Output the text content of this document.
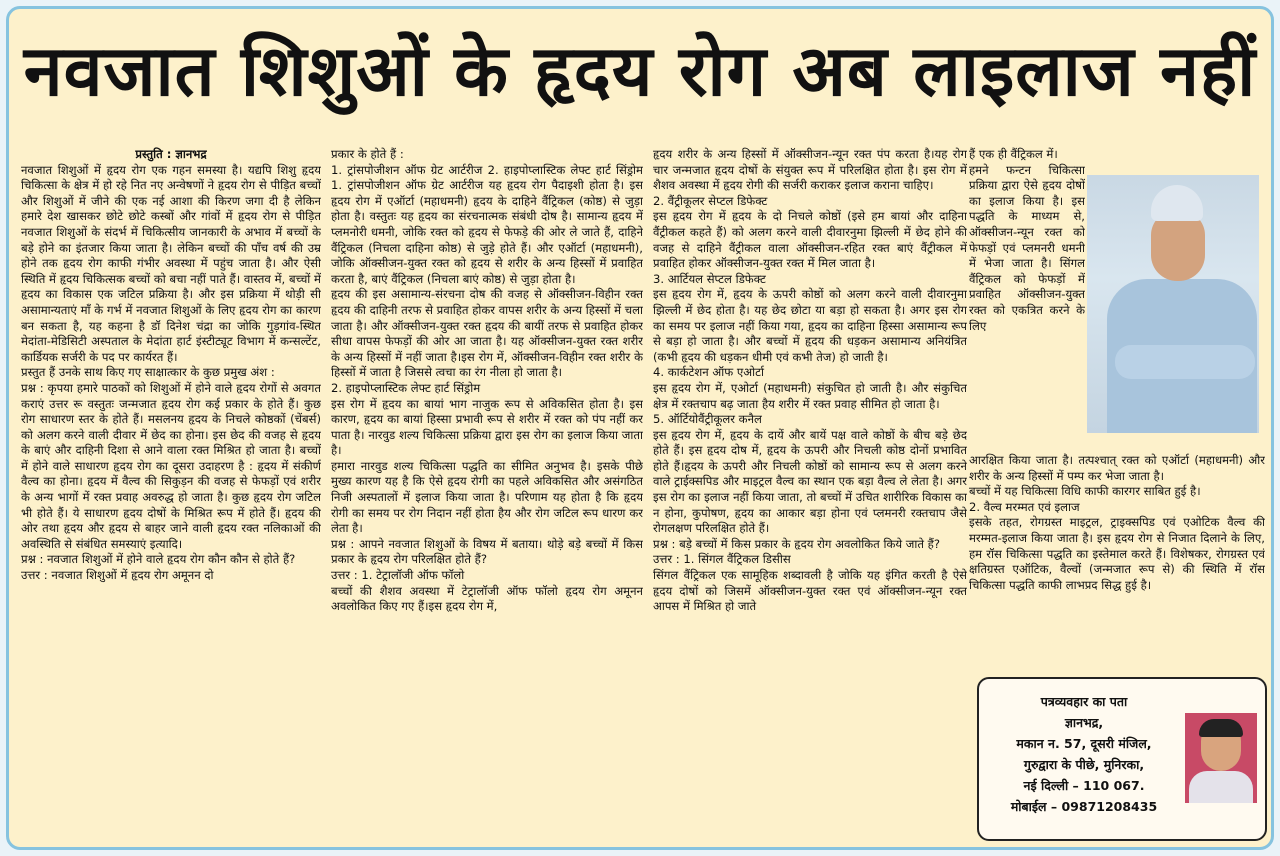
नवजात शिशुओं के हृदय रोग अब लाइलाज नहीं

प्रस्तुति : ज्ञानभद्र

नवजात शिशुओं में हृदय रोग एक गहन समस्या है। यद्यपि शिशु हृदय चिकित्सा के क्षेत्र में हो रहे नित नए अन्वेषणों ने हृदय रोग से पीड़ित बच्चों और शिशुओं में जीने की एक नई आशा की किरण जगा दी है लेकिन हमारे देश खासकर छोटे छोटे कस्बों और गांवों में हृदय रोग से पीड़ित नवजात शिशुओं के संदर्भ में चिकित्सीय जानकारी के अभाव में बच्चों के बड़े होने का इंतजार किया जाता है। लेकिन बच्चों की पाँच वर्ष की उम्र होने तक हृदय रोग काफी गंभीर अवस्था में पहुंच जाता है। और ऐसी स्थिति में हृदय चिकित्सक बच्चों को बचा नहीं पाते हैं। वास्तव में, बच्चों में हृदय का विकास एक जटिल प्रक्रिया है। और इस प्रक्रिया में थोड़ी सी असामान्यताएं माँ के गर्भ में नवजात शिशुओं के लिए हृदय रोग का कारण बन सकता है, यह कहना है डॉ दिनेश चंद्रा का जोकि गुड़गांव-स्थित मेदांता-मेडिसिटी अस्पताल के मेदांता हार्ट इंस्टीट्यूट विभाग में कन्सल्टेंट, कार्डियक सर्जरी के पद पर कार्यरत हैं।

प्रस्तुत हैं उनके साथ किए गए साक्षात्कार के कुछ प्रमुख अंश :

प्रश्न : कृपया हमारे पाठकों को शिशुओं में होने वाले हृदय रोगों से अवगत कराएं उत्तर रू वस्तुतः जन्मजात हृदय रोग कई प्रकार के होते हैं। कुछ रोग साधारण स्तर के होते हैं। मसलनय हृदय के निचले कोष्ठकों (चेंबर्स) को अलग करने वाली दीवार में छेद का होना। इस छेद की वजह से हृदय के बाएं और दाहिनी दिशा से आने वाला रक्त मिश्रित हो जाता है। बच्चों में होने वाले साधारण हृदय रोग का दूसरा उदाहरण है : हृदय में संकीर्ण वैल्व का होना। हृदय में वैल्व की सिकुड़न की वजह से फेफड़ों एवं शरीर के अन्य भागों में रक्त प्रवाह अवरुद्ध हो जाता है। कुछ हृदय रोग जटिल भी होते हैं। ये साधारण हृदय दोषों के मिश्रित रूप में होते हैं। हृदय की ओर तथा हृदय और हृदय से बाहर जाने वाली हृदय रक्त नलिकाओं की अवस्थिति से संबंधित समस्याएं इत्यादि।

प्रश्न : नवजात शिशुओं में होने वाले हृदय रोग कौन कौन से होते हैं?

उत्तर : नवजात शिशुओं में हृदय रोग अमूनन दो

प्रकार के होते हैं :

1. ट्रांसपोजीशन ऑफ ग्रेट आर्टरीज 2. हाइपोप्लास्टिक लेफ्ट हार्ट सिंड्रोम 1. ट्रांसपोजीशन ऑफ ग्रेट आर्टरीज यह हृदय रोग पैदाइशी होता है। इस हृदय रोग में एऑर्टा (महाधमनी) हृदय के दाहिने वैंट्रिकल (कोष्ठ) से जुड़ा होता है। वस्तुतः यह हृदय का संरचनात्मक संबंधी दोष है। सामान्य हृदय में प्लमनोरी धमनी, जोकि रक्त को हृदय से फेफड़े की ओर ले जाते हैं, दाहिने वैंट्रिकल (निचला दाहिना कोष्ठ) से जुड़े होते हैं। और एऑर्टा (महाधमनी), जोकि ऑक्सीजन-युक्त रक्त को हृदय से शरीर के अन्य हिस्सों में प्रवाहित करता है, बाएं वैंट्रिकल (निचला बाएं कोष्ठ) से जुड़ा होता है।

हृदय की इस असामान्य-संरचना दोष की वजह से ऑक्सीजन-विहीन रक्त हृदय की दाहिनी तरफ से प्रवाहित होकर वापस शरीर के अन्य हिस्सों में चला जाता है। और ऑक्सीजन-युक्त रक्त हृदय की बायीं तरफ से प्रवाहित होकर सीधा वापस फेफड़ों की ओर आ जाता है। यह ऑक्सीजन-युक्त रक्त शरीर के अन्य हिस्सों में नहीं जाता है।इस रोग में, ऑक्सीजन-विहीन रक्त शरीर के हिस्सों में जाता है जिससे त्वचा का रंग नीला हो जाता है।

2. हाइपोप्लास्टिक लेफ्ट हार्ट सिंड्रोम

इस रोग में हृदय का बायां भाग नाजुक रूप से अविकसित होता है। इस कारण, हृदय का बायां हिस्सा प्रभावी रूप से शरीर में रक्त को पंप नहीं कर पाता है। नारवुड शल्य चिकित्सा प्रक्रिया द्वारा इस रोग का इलाज किया जाता है।

हमारा नारवुड शल्य चिकित्सा पद्धति का सीमित अनुभव है। इसके पीछे मुख्य कारण यह है कि ऐसे हृदय रोगी का पहले अविकसित और असंगठित निजी अस्पतालों में इलाज किया जाता है। परिणाम यह होता है कि हृदय रोगी का समय पर रोग निदान नहीं होता हैय और रोग जटिल रूप धारण कर लेता है।

प्रश्न : आपने नवजात शिशुओं के विषय में बताया। थोड़े बड़े बच्चों में किस प्रकार के हृदय रोग परिलक्षित होते हैं?

उत्तर : 1. टेट्रालॉजी ऑफ फॉलो

बच्चों की शैशव अवस्था में टेट्रालॉजी ऑफ फॉलो हृदय रोग अमूनन अवलोकित किए गए हैं।इस हृदय रोग में,

हृदय शरीर के अन्य हिस्सों में ऑक्सीजन-न्यून रक्त पंप करता है।यह रोग चार जन्मजात हृदय दोषों के संयुक्त रूप में परिलक्षित होता है। इस रोग में शैशव अवस्था में हृदय रोगी की सर्जरी कराकर इलाज कराना चाहिए।

2. वैंट्रीकूलर सेप्टल डिफेक्ट

इस हृदय रोग में हृदय के दो निचले कोष्ठों (इसे हम बायां और दाहिना वैंट्रीकल कहते हैं) को अलग करने वाली दीवारनुमा झिल्ली में छेद होने की वजह से दाहिने वैंट्रीकल वाला ऑक्सीजन-रहित रक्त बाएं वैंट्रीकल में प्रवाहित होकर ऑक्सीजन-युक्त रक्त में मिल जाता है।

3. आर्टियल सेप्टल डिफेक्ट

इस हृदय रोग में, हृदय के ऊपरी कोष्ठों को अलग करने वाली दीवारनुमा झिल्ली में छेद होता है। यह छेद छोटा या बड़ा हो सकता है। अगर इस रोग का समय पर इलाज नहीं किया गया, हृदय का दाहिना हिस्सा असामान्य रूप से बड़ा हो जाता है। और बच्चों में हृदय की धड़कन असामान्य अनियंत्रित (कभी हृदय की धड़कन धीमी एवं कभी तेज) हो जाती है।

4. कार्कटेशन ऑफ एओर्टा

इस हृदय रोग में, एओर्टा (महाधमनी) संकुचित हो जाती है। और संकुचित क्षेत्र में रक्तचाप बढ़ जाता हैय शरीर में रक्त प्रवाह सीमित हो जाता है।

5. ऑर्टियोवैंट्रीकूलर कनैल

इस हृदय रोग में, हृदय के दायें और बायें पक्ष वाले कोष्ठों के बीच बड़े छेद होते हैं। इस हृदय दोष में, हृदय के ऊपरी और निचली कोष्ठ दोनों प्रभावित होते हैं।हृदय के ऊपरी और निचली कोष्ठों को सामान्य रूप से अलग करने वाले ट्राईक्सपिड और माइट्रल वैल्व का स्थान एक बड़ा वैल्व ले लेता है। अगर इस रोग का इलाज नहीं किया जाता, तो बच्चों में उचित शारीरिक विकास का न होना, कुपोषण, हृदय का आकार बड़ा होना एवं प्लमनरी रक्तचाप जैसे रोगलक्षण परिलक्षित होते हैं।

प्रश्न : बड़े बच्चों में किस प्रकार के हृदय रोग अवलोकित किये जाते हैं?

उत्तर : 1. सिंगल वैंट्रिकल डिसीस

सिंगल वैंट्रिकल एक सामूहिक शब्दावली है जोकि यह इंगित करती है ऐसे हृदय दोषों को जिसमें ऑक्सीजन-युक्त रक्त एवं ऑक्सीजन-न्यून रक्त आपस में मिश्रित हो जाते

हैं एक ही वैंट्रिकल में।

हमने फन्टन चिकित्सा प्रक्रिया द्वारा ऐसे हृदय दोषों का इलाज किया है। इस पद्धति के माध्यम से, ऑक्सीजन-न्यून रक्त को फेफड़ों एवं प्लमनरी धमनी में भेजा जाता है। सिंगल वैंट्रिकल को फेफड़ों में प्रवाहित ऑक्सीजन-युक्त रक्त को एकत्रित करने के लिए

आरक्षित किया जाता है। तत्पश्चात् रक्त को एऑर्टा (महाधमनी) और शरीर के अन्य हिस्सों में पम्प कर भेजा जाता है।

बच्चों में यह चिकित्सा विधि काफी कारगर साबित हुई है।

2. वैल्व मरम्मत एवं इलाज

इसके तहत, रोगग्रस्त माइट्रल, ट्राइक्सपिड एवं एओटिक वैल्व की मरम्मत-इलाज किया जाता है। इस हृदय रोग से निजात दिलाने के लिए, हम रॉस चिकित्सा पद्धति का इस्तेमाल करते हैं। विशेषकर, रोगग्रस्त एवं क्षतिग्रस्त एऑटिक, वैल्वों (जन्मजात रूप से) की स्थिति में रॉस चिकित्सा पद्धति काफी लाभप्रद सिद्ध हुई है।

पत्रव्यवहार का पता
ज्ञानभद्र,
मकान न. 57, दूसरी मंजिल,
गुरुद्वारा के पीछे, मुनिरका,
नई दिल्ली – 110 067.
मोबाईल – 09871208435
